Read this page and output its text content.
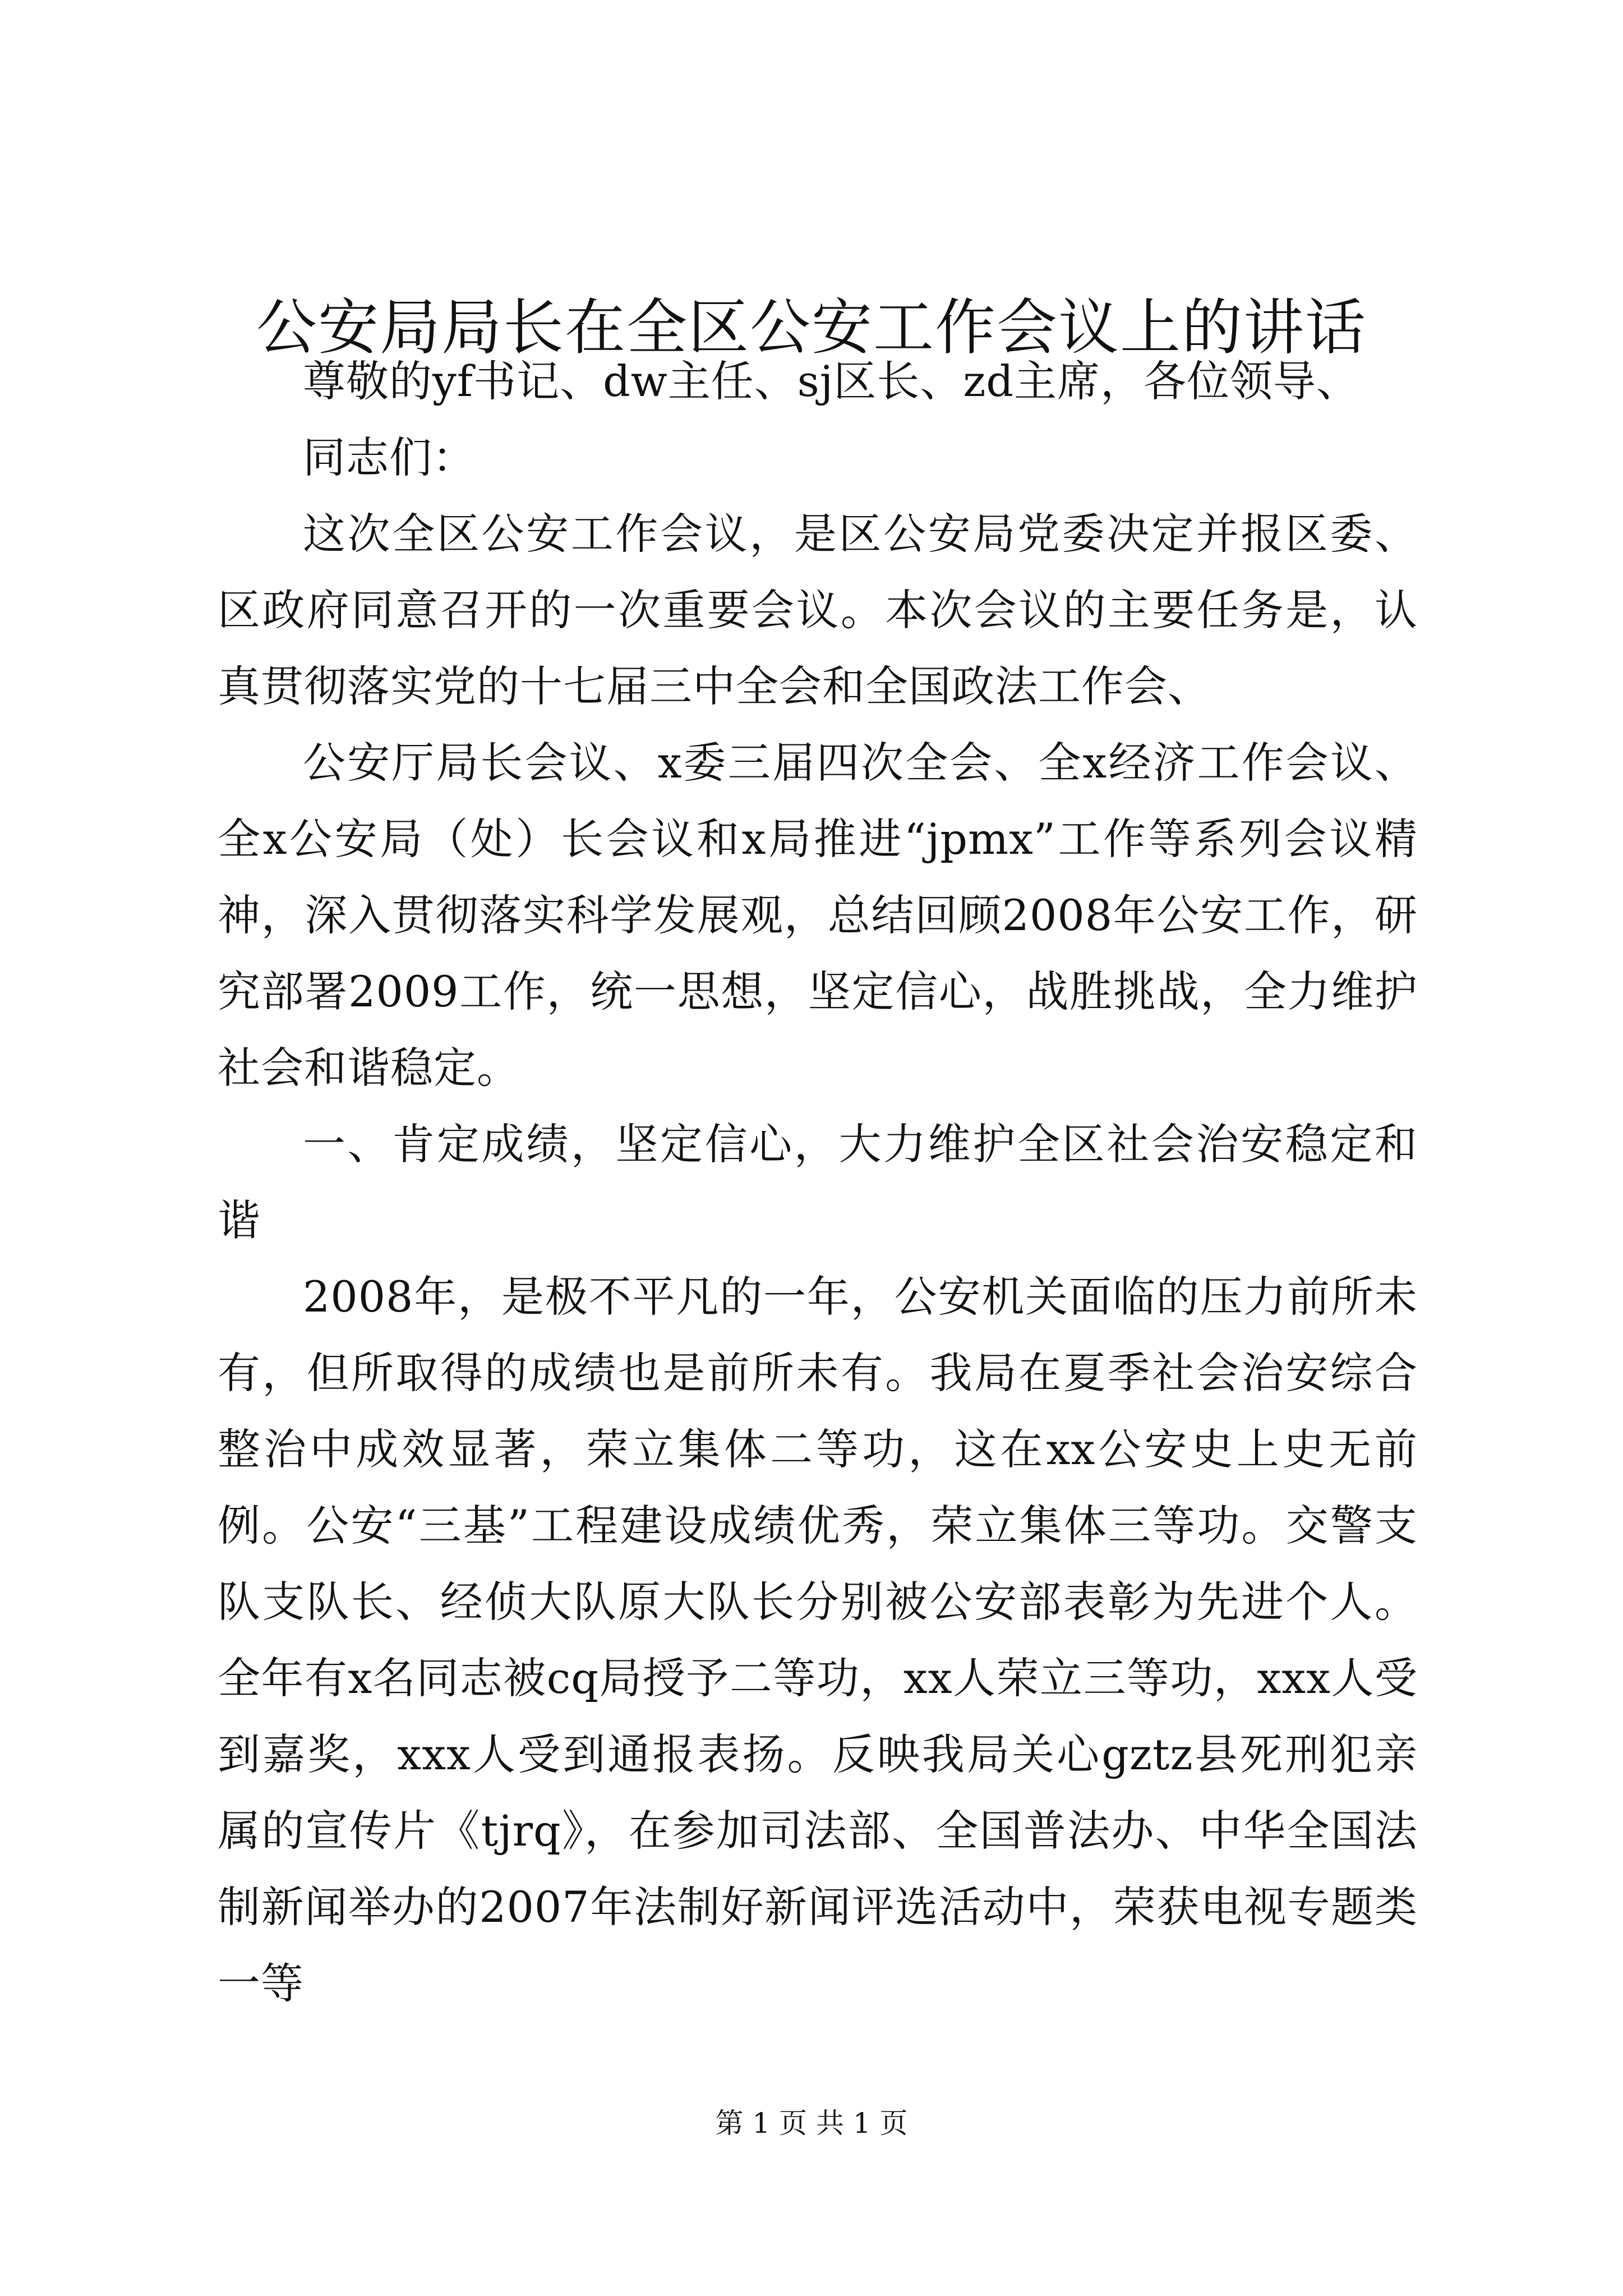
公安局局长在全区公安工作会议上的讲话

尊敬的yf书记、dw主任、sj区长、zd主席，各位领导、

同志们：

这次全区公安工作会议，是区公安局党委决定并报区委、区政府同意召开的一次重要会议。本次会议的主要任务是，认真贯彻落实党的十七届三中全会和全国政法工作会、

公安厅局长会议、x委三届四次全会、全x经济工作会议、全x公安局（处）长会议和x局推进“jpmx”工作等系列会议精神，深入贯彻落实科学发展观，总结回顾2008年公安工作，研究部署2009工作，统一思想，坚定信心，战胜挑战，全力维护社会和谐稳定。

一、肯定成绩，坚定信心，大力维护全区社会治安稳定和谐

2008年，是极不平凡的一年，公安机关面临的压力前所未有，但所取得的成绩也是前所未有。我局在夏季社会治安综合整治中成效显著，荣立集体二等功，这在xx公安史上史无前例。公安“三基”工程建设成绩优秀，荣立集体三等功。交警支队支队长、经侦大队原大队长分别被公安部表彰为先进个人。全年有x名同志被cq局授予二等功，xx人荣立三等功，xxx人受到嘉奖，xxx人受到通报表扬。反映我局关心gztz县死刑犯亲属的宣传片《tjrq》，在参加司法部、全国普法办、中华全国法制新闻举办的2007年法制好新闻评选活动中，荣获电视专题类一等

第 1 页 共 1 页
